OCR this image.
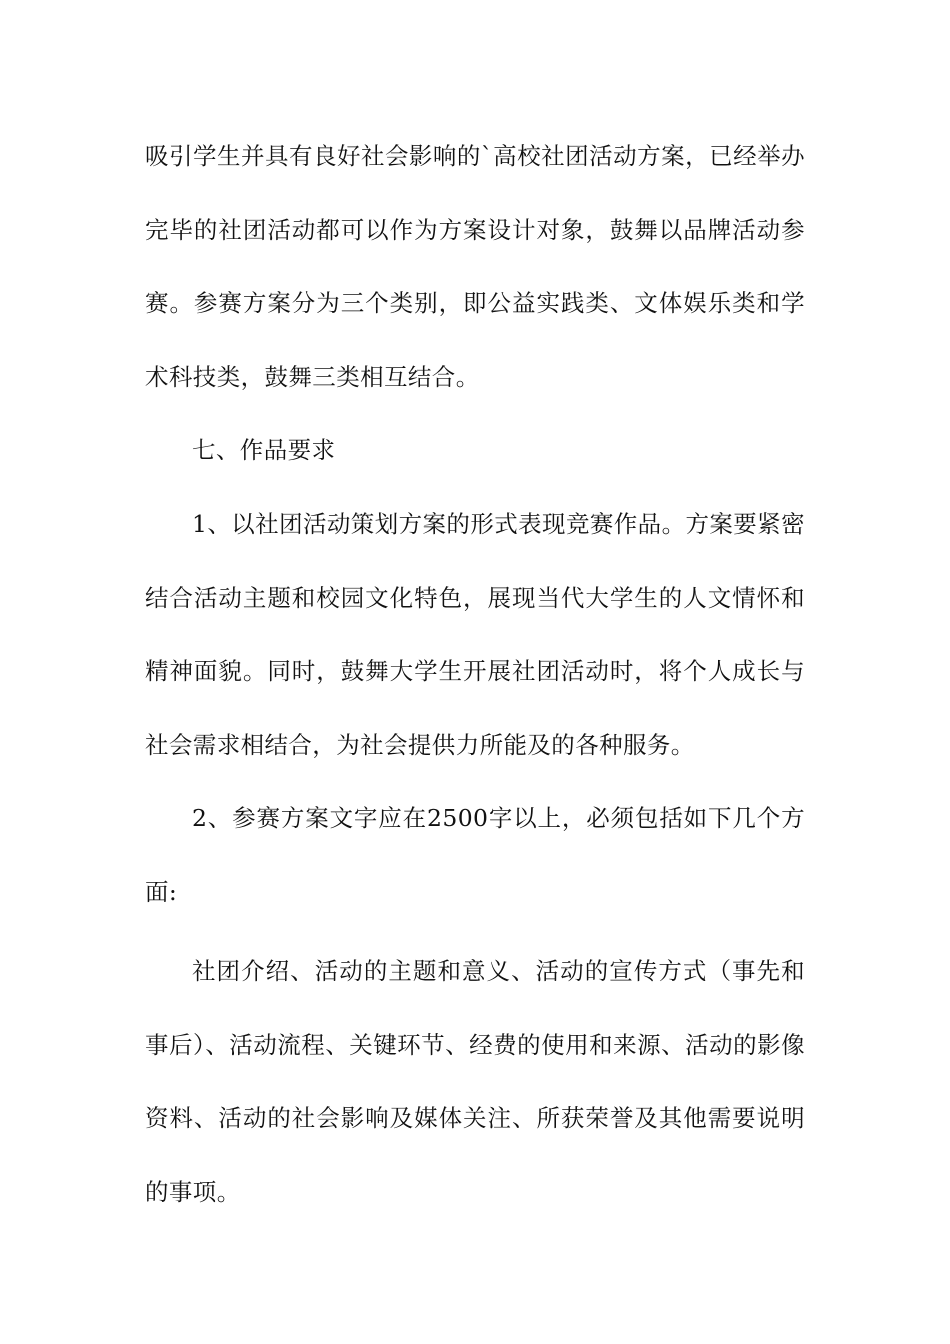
吸引学生并具有良好社会影响的`高校社团活动方案，已经举办完毕的社团活动都可以作为方案设计对象，鼓舞以品牌活动参赛。参赛方案分为三个类别，即公益实践类、文体娱乐类和学术科技类，鼓舞三类相互结合。

七、作品要求

1、以社团活动策划方案的形式表现竞赛作品。方案要紧密结合活动主题和校园文化特色，展现当代大学生的人文情怀和精神面貌。同时，鼓舞大学生开展社团活动时，将个人成长与社会需求相结合，为社会提供力所能及的各种服务。

2、参赛方案文字应在2500字以上，必须包括如下几个方面:

社团介绍、活动的主题和意义、活动的宣传方式（事先和事后）、活动流程、关键环节、经费的使用和来源、活动的影像资料、活动的社会影响及媒体关注、所获荣誉及其他需要说明的事项。
